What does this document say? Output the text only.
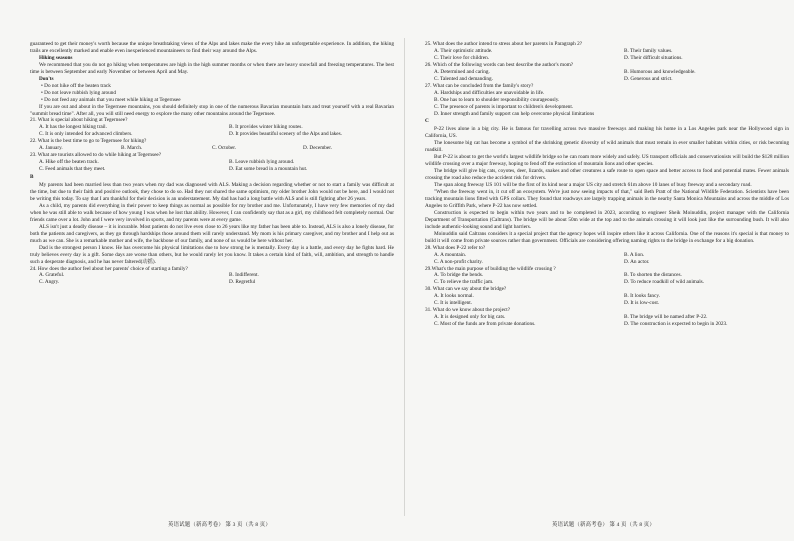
guaranteed to get their money's worth because the unique breathtaking views of the Alps and lakes make the every hike an unforgettable experience. In addition, the hiking trails are excellently marked and enable even inexperienced mountaineers to find their way around the Alps.

Hiking seasons

We recommend that you do not go hiking when temperatures are high in the high summer months or when there are heavy snowfall and freezing temperatures. The best time is between September and early November or between April and May.

Don'ts

• Do not hike off the beaten track

• Do not leave rubbish lying around

• Do not feed any animals that you meet while hiking at Tegernsee

If you are out and about in the Tegernsee mountains, you should definitely stop in one of the numerous Bavarian mountain huts and treat yourself with a real Bavarian "summit bread time". After all, you will still need energy to explore the many other mountains around the Tegernsee.

21. What is special about hiking at Tegernsee?

A. It has the longest hiking trail.	B. It provides winter hiking routes.
C. It is only intended for advanced climbers.	D. It provides beautiful scenery of the Alps and lakes.

22. What is the best time to go to Tegernsee for hiking?

A. January.	B. March.	C. October.	D. December.

23. What are tourists allowed to do while hiking at Tegernsee?

A. Hike off the beaten track.	B. Leave rubbish lying around.
C. Feed animals that they meet.	D. Eat some bread in a mountain hut.

B

My parents had been married less than two years when my dad was diagnosed with ALS. Making a decision regarding whether or not to start a family was difficult at the time, but due to their faith and positive outlook, they chose to do so. Had they not shared the same optimism, my older brother John would not be here, and I would not be writing this today. To say that I am thankful for their decision is an understatement. My dad has had a long battle with ALS and is still fighting after 26 years.

As a child, my parents did everything in their power to keep things as normal as possible for my brother and me. Unfortunately, I have very few memories of my dad when he was still able to walk because of how young I was when he lost that ability. However, I can confidently say that as a girl, my childhood felt completely normal. Our friends came over a lot. John and I were very involved in sports, and my parents were at every game.

ALS isn't just a deadly disease – it is incurable. Most patients do not live even close to 26 years like my father has been able to. Instead, ALS is also a lonely disease, for both the patients and caregivers, as they go through hardships those around them will rarely understand. My mom is his primary caregiver, and my brother and I help out as much as we can. She is a remarkable mother and wife, the backbone of our family, and none of us would be here without her.

Dad is the strongest person I know. He has overcome his physical limitations due to how strong he is mentally. Every day is a battle, and every day he fights hard. He truly believes every day is a gift. Some days are worse than others, but he would rarely let you know. It takes a certain kind of faith, will, ambition, and strength to handle such a desperate diagnosis, and he has never faltered(动摇).

24. How does the author feel about her parents' choice of starting a family?

A. Grateful.	B. Indifferent.
C. Angry.	D. Regretful

25. What does the author intend to stress about her parents in Paragraph 2?

A. Their optimistic attitude.	B. Their family values.
C. Their love for children.	D. Their difficult situations.

26. Which of the following words can best describe the author's mom?

A. Determined and caring.	B. Humorous and knowledgeable.
C. Talented and demanding.	D. Generous and strict.

27. What can be concluded from the family's story?

A. Hardships and difficulties are unavoidable in life.

B. One has to learn to shoulder responsibility courageously.

C. The presence of parents is important to children's development.

D. Inner strength and family support can help overcome physical limitations

C

P-22 lives alone in a big city. He is famous for travelling across two massive freeways and making his home in a Los Angeles park near the Hollywood sign in California, US.

The lonesome big cat has become a symbol of the shrinking genetic diversity of wild animals that must remain in ever smaller habitats within cities, or risk becoming roadkill.

But P-22 is about to get the world's largest wildlife bridge so he can roam more widely and safely. US transport officials and conservationists will build the $128 million wildlife crossing over a major freeway, hoping to fend off the extinction of mountain lions and other species.

The bridge will give big cats, coyotes, deer, lizards, snakes and other creatures a safe route to open space and better access to food and potential mates. Fewer animals crossing the road also reduce the accident risk for drivers.

The span along freeway US 101 will be the first of its kind near a major US city and stretch 61m above 10 lanes of busy freeway and a secondary road.

"When the freeway went in, it cut off an ecosystem. We're just now seeing impacts of that," said Beth Pratt of the National Wildlife Federation. Scientists have been tracking mountain lions fitted with GPS collars. They found that roadways are largely trapping animals in the nearby Santa Monica Mountains and across the middle of Los Angeles to Griffith Park, where P-22 has now settled.

Construction is expected to begin within two years and to be completed in 2023, according to engineer Sheik Moinuddin, project manager with the California Department of Transportation (Caltrans). The bridge will be about 50m wide at the top and to the animals crossing it will look just like the surrounding bush. It will also include authentic-looking sound and light barriers.

Moinuddin said Caltrans considers it a special project that the agency hopes will inspire others like it across California. One of the reasons it's special is that money to build it will come from private sources rather than government. Officials are considering offering naming rights to the bridge in exchange for a big donation.

28. What does P-22 refer to?

A. A mountain.	B. A lion.
C. A non-profit charity.	D. An actor.

29.What's the main purpose of building the wildlife crossing ?

A. To bridge the bends.	B. To shorten the distances.
C. To relieve the traffic jam.	D. To reduce roadkill of wild animals.

30. What can we say about the bridge?

A. It looks normal.	B. It looks fancy.
C. It is intelligent.	D. It is low-cost.

31. What do we know about the project?

A. It is designed only for big cats.	B. The bridge will be named after P-22.
C. Most of the funds are from private donations.	D. The construction is expected to begin in 2023.
英语试题（新高考卷） 第 3 页（共 8 页）	英语试题（新高考卷） 第 4 页（共 8 页）
